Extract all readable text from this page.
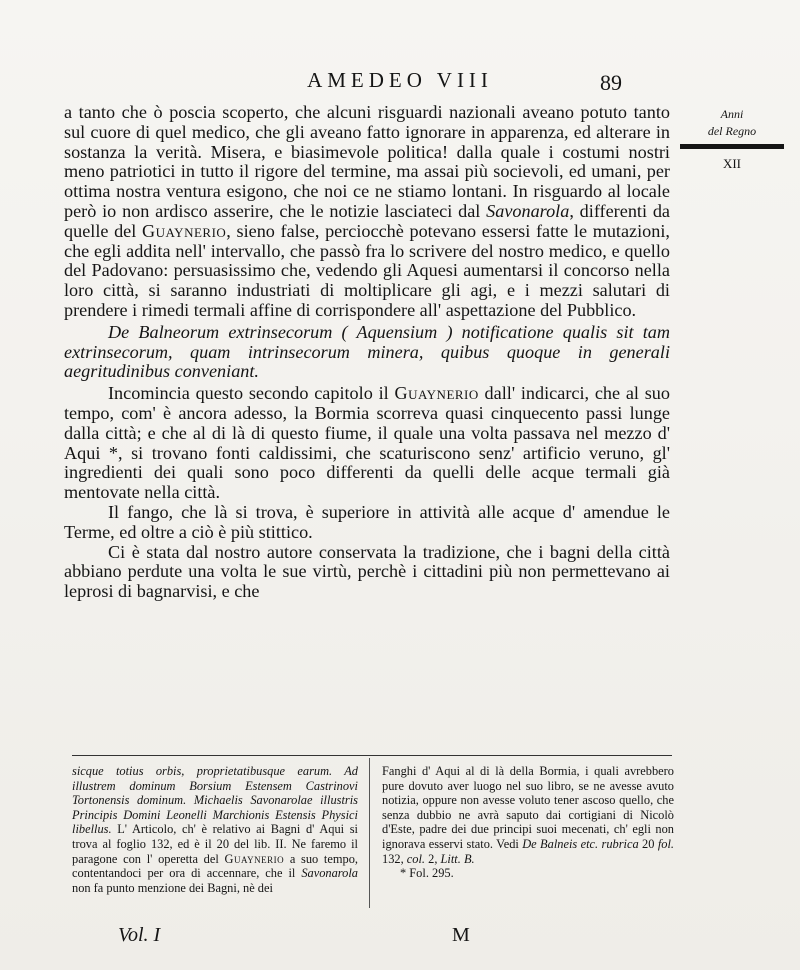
AMEDEO VIII	89
Anni
del Regno
XII

a tanto che ò poscia scoperto, che alcuni risguardi nazionali aveano potuto tanto sul cuore di quel medico, che gli aveano fatto ignorare in apparenza, ed alterare in sostanza la verità. Misera, e biasimevole politica! dalla quale i costumi nostri meno patriotici in tutto il rigore del termine, ma assai più socievoli, ed umani, per ottima nostra ventura esigono, che noi ce ne stiamo lontani. In risguardo al locale però io non ardisco asserire, che le notizie lasciateci dal Savonarola, differenti da quelle del Guaynerio, sieno false, perciocchè potevano essersi fatte le mutazioni, che egli addita nell' intervallo, che passò fra lo scrivere del nostro medico, e quello del Padovano: persuasissimo che, vedendo gli Aquesi aumentarsi il concorso nella loro città, si saranno industriati di moltiplicare gli agi, e i mezzi salutari di prendere i rimedi termali affine di corrispondere all' aspettazione del Pubblico.

De Balneorum extrinsecorum ( Aquensium ) notificatione qualis sit tam extrinsecorum, quam intrinsecorum minera, quibus quoque in generali aegritudinibus conveniant.

Incomincia questo secondo capitolo il Guaynerio dall' indicarci, che al suo tempo, com' è ancora adesso, la Bormia scorreva quasi cinquecento passi lunge dalla città; e che al di là di questo fiume, il quale una volta passava nel mezzo d' Aqui *, si trovano fonti caldissimi, che scaturiscono senz' artificio veruno, gl' ingredienti dei quali sono poco differenti da quelli delle acque termali già mentovate nella città.

Il fango, che là si trova, è superiore in attività alle acque d' amendue le Terme, ed oltre a ciò è più stittico.

Ci è stata dal nostro autore conservata la tradizione, che i bagni della città abbiano perdute una volta le sue virtù, perchè i cittadini più non permettevano ai leprosi di bagnarvisi, e che

sicque totius orbis, proprietatibusque earum. Ad illustrem dominum Borsium Estensem Castrinovi Tortonensis dominum. Michaelis Savonarolae illustris Principis Domini Leonelli Marchionis Estensis Physici libellus. L' Articolo, ch' è relativo ai Bagni d' Aqui si trova al foglio 132, ed è il 20 del lib. II. Ne faremo il paragone con l' operetta del Guaynerio a suo tempo, contentandoci per ora di accennare, che il Savonarola non fa punto menzione dei Bagni, nè dei
Fanghi d' Aqui al di là della Bormia, i quali avrebbero pure dovuto aver luogo nel suo libro, se ne avesse avuto notizia, oppure non avesse voluto tener ascoso quello, che senza dubbio ne avrà saputo dai cortigiani di Nicolò d'Este, padre dei due principi suoi mecenati, ch' egli non ignorava esservi stato. Vedi De Balneis etc. rubrica 20 fol. 132, col. 2, Litt. B.
* Fol. 295.
Vol. I	M
